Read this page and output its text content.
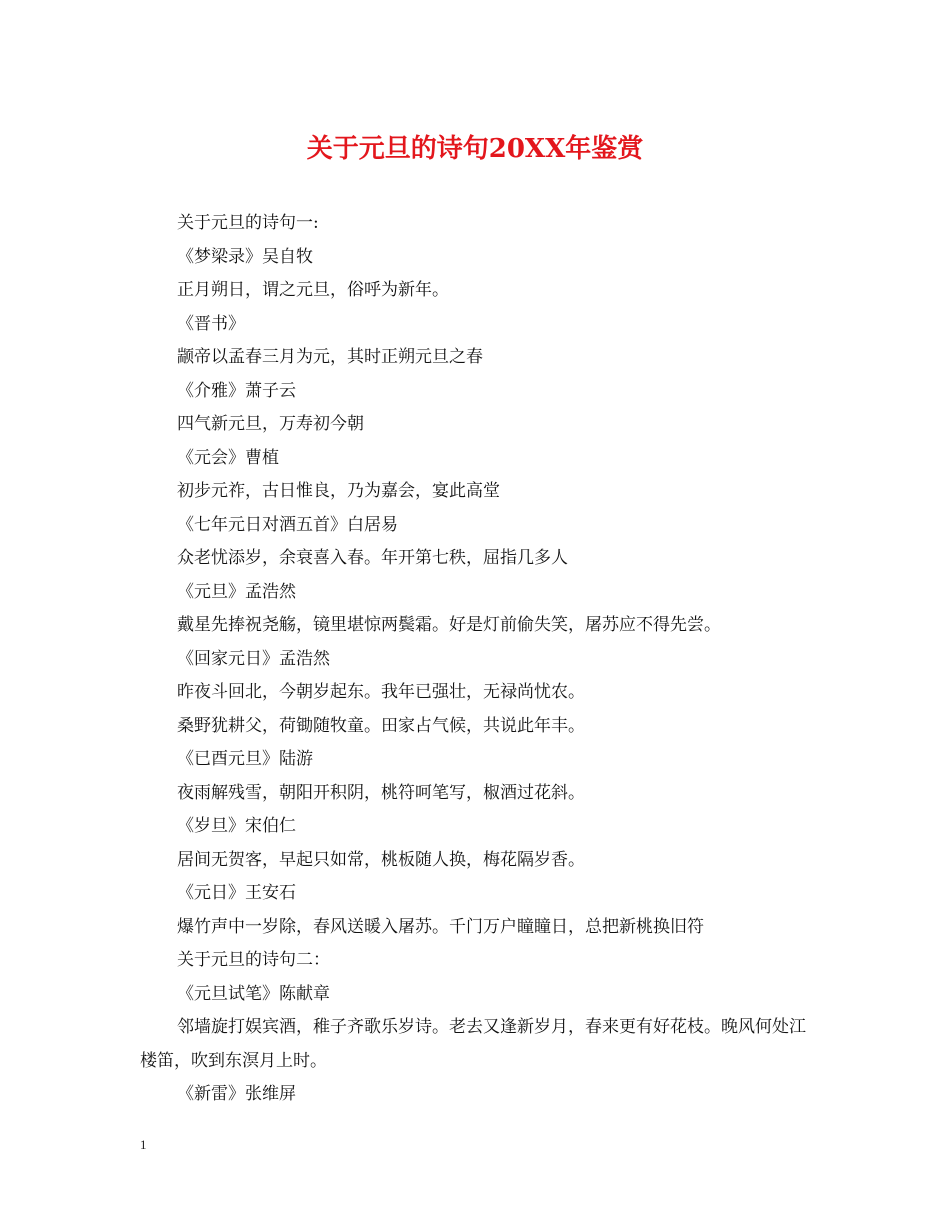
关于元旦的诗句20XX年鉴赏
关于元旦的诗句一:
《梦梁录》吴自牧
正月朔日，谓之元旦，俗呼为新年。
《晋书》
颛帝以孟春三月为元，其时正朔元旦之春
《介雅》萧子云
四气新元旦，万寿初今朝
《元会》曹植
初步元祚，古日惟良，乃为嘉会，宴此高堂
《七年元日对酒五首》白居易
众老忧添岁，余衰喜入春。年开第七秩，屈指几多人
《元旦》孟浩然
戴星先捧祝尧觞，镜里堪惊两鬓霜。好是灯前偷失笑，屠苏应不得先尝。
《回家元日》孟浩然
昨夜斗回北，今朝岁起东。我年已强壮，无禄尚忧农。
桑野犹耕父，荷锄随牧童。田家占气候，共说此年丰。
《已酉元旦》陆游
夜雨解残雪，朝阳开积阴，桃符呵笔写，椒酒过花斜。
《岁旦》宋伯仁
居间无贺客，早起只如常，桃板随人换，梅花隔岁香。
《元日》王安石
爆竹声中一岁除，春风送暖入屠苏。千门万户瞳瞳日，总把新桃换旧符
关于元旦的诗句二：
《元旦试笔》陈献章
邻墙旋打娱宾酒，稚子齐歌乐岁诗。老去又逢新岁月，春来更有好花枝。晚风何处江楼笛，吹到东溟月上时。
《新雷》张维屏
1
